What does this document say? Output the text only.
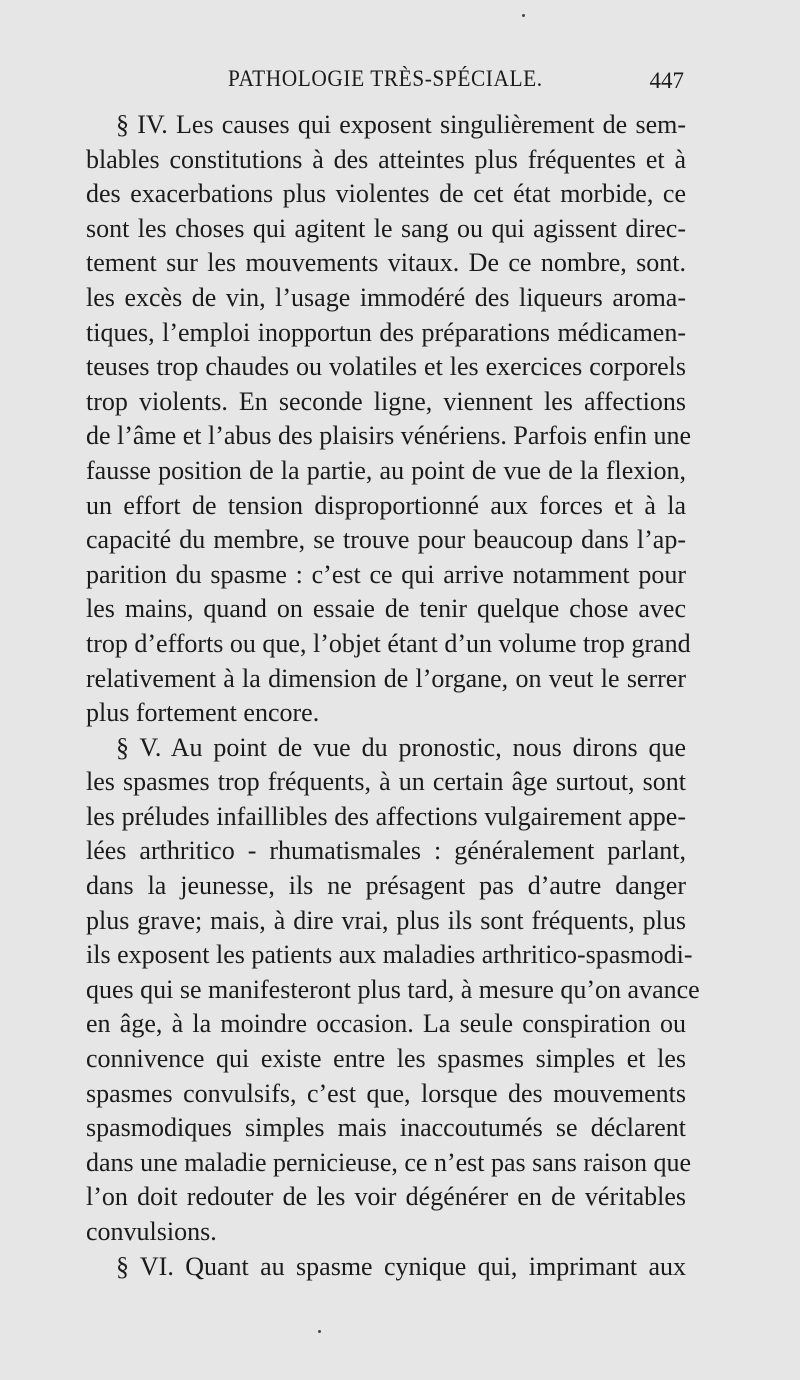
PATHOLOGIE TRÈS-SPÉCIALE.	447
§ IV. Les causes qui exposent singulièrement de sem-
blables constitutions à des atteintes plus fréquentes et à
des exacerbations plus violentes de cet état morbide, ce
sont les choses qui agitent le sang ou qui agissent direc-
tement sur les mouvements vitaux. De ce nombre, sont.
les excès de vin, l’usage immodéré des liqueurs aroma-
tiques, l’emploi inopportun des préparations médicamen-
teuses trop chaudes ou volatiles et les exercices corporels
trop violents. En seconde ligne, viennent les affections
de l’âme et l’abus des plaisirs vénériens. Parfois enfin une
fausse position de la partie, au point de vue de la flexion,
un effort de tension disproportionné aux forces et à la
capacité du membre, se trouve pour beaucoup dans l’ap-
parition du spasme : c’est ce qui arrive notamment pour
les mains, quand on essaie de tenir quelque chose avec
trop d’efforts ou que, l’objet étant d’un volume trop grand
relativement à la dimension de l’organe, on veut le serrer
plus fortement encore.
§ V. Au point de vue du pronostic, nous dirons que
les spasmes trop fréquents, à un certain âge surtout, sont
les préludes infaillibles des affections vulgairement appe-
lées arthritico - rhumatismales : généralement parlant,
dans la jeunesse, ils ne présagent pas d’autre danger
plus grave; mais, à dire vrai, plus ils sont fréquents, plus
ils exposent les patients aux maladies arthritico-spasmodi-
ques qui se manifesteront plus tard, à mesure qu’on avance
en âge, à la moindre occasion. La seule conspiration ou
connivence qui existe entre les spasmes simples et les
spasmes convulsifs, c’est que, lorsque des mouvements
spasmodiques simples mais inaccoutumés se déclarent
dans une maladie pernicieuse, ce n’est pas sans raison que
l’on doit redouter de les voir dégénérer en de véritables
convulsions.
§ VI. Quant au spasme cynique qui, imprimant aux
